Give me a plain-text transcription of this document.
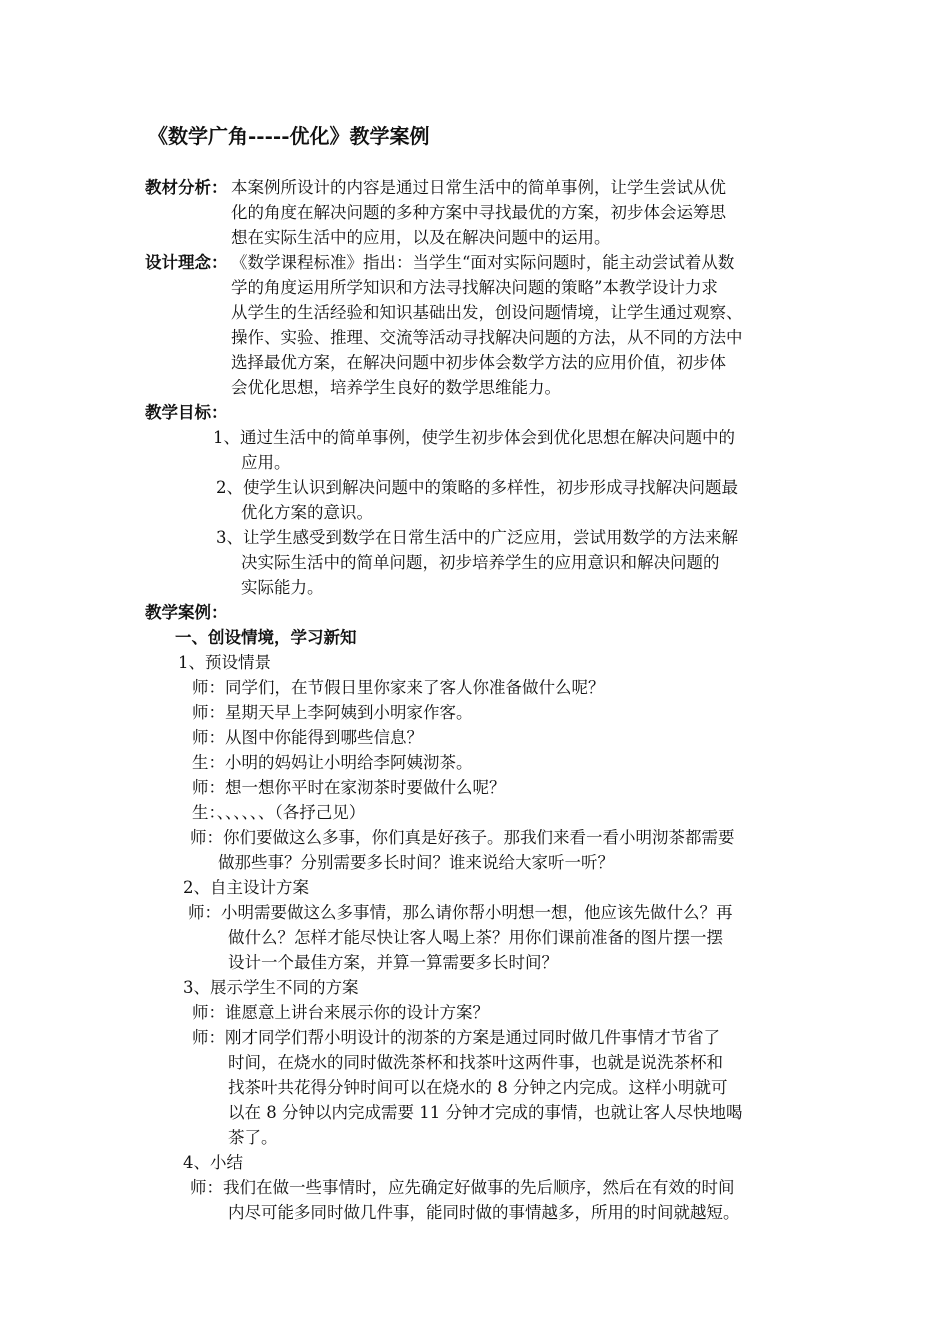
《数学广角-----优化》教学案例
教材分析： 本案例所设计的内容是通过日常生活中的简单事例，让学生尝试从优
化的角度在解决问题的多种方案中寻找最优的方案，初步体会运筹思
想在实际生活中的应用，以及在解决问题中的运用。
设计理念： 《数学课程标准》指出：当学生“面对实际问题时，能主动尝试着从数
学的角度运用所学知识和方法寻找解决问题的策略”本教学设计力求
从学生的生活经验和知识基础出发，创设问题情境，让学生通过观察、
操作、实验、推理、交流等活动寻找解决问题的方法，从不同的方法中
选择最优方案，在解决问题中初步体会数学方法的应用价值，初步体
会优化思想，培养学生良好的数学思维能力。
教学目标：
1、通过生活中的简单事例，使学生初步体会到优化思想在解决问题中的
应用。
2、使学生认识到解决问题中的策略的多样性，初步形成寻找解决问题最
优化方案的意识。
3、让学生感受到数学在日常生活中的广泛应用，尝试用数学的方法来解
决实际生活中的简单问题，初步培养学生的应用意识和解决问题的
实际能力。
教学案例：
一、创设情境，学习新知
1、预设情景
师：同学们，在节假日里你家来了客人你准备做什么呢？
师：星期天早上李阿姨到小明家作客。
师：从图中你能得到哪些信息？
生：小明的妈妈让小明给李阿姨沏茶。
师：想一想你平时在家沏茶时要做什么呢？
生：、、、、、、（各抒己见）
师：你们要做这么多事，你们真是好孩子。那我们来看一看小明沏茶都需要
做那些事？分别需要多长时间？谁来说给大家听一听？
2、自主设计方案
师：小明需要做这么多事情，那么请你帮小明想一想，他应该先做什么？再
做什么？怎样才能尽快让客人喝上茶？用你们课前准备的图片摆一摆
设计一个最佳方案，并算一算需要多长时间？
3、展示学生不同的方案
师：谁愿意上讲台来展示你的设计方案？
师：刚才同学们帮小明设计的沏茶的方案是通过同时做几件事情才节省了
时间，在烧水的同时做洗茶杯和找茶叶这两件事，也就是说洗茶杯和
找茶叶共花得分钟时间可以在烧水的 8 分钟之内完成。这样小明就可
以在 8 分钟以内完成需要 11 分钟才完成的事情，也就让客人尽快地喝
茶了。
4、小结
师：我们在做一些事情时，应先确定好做事的先后顺序，然后在有效的时间
内尽可能多同时做几件事，能同时做的事情越多，所用的时间就越短。
